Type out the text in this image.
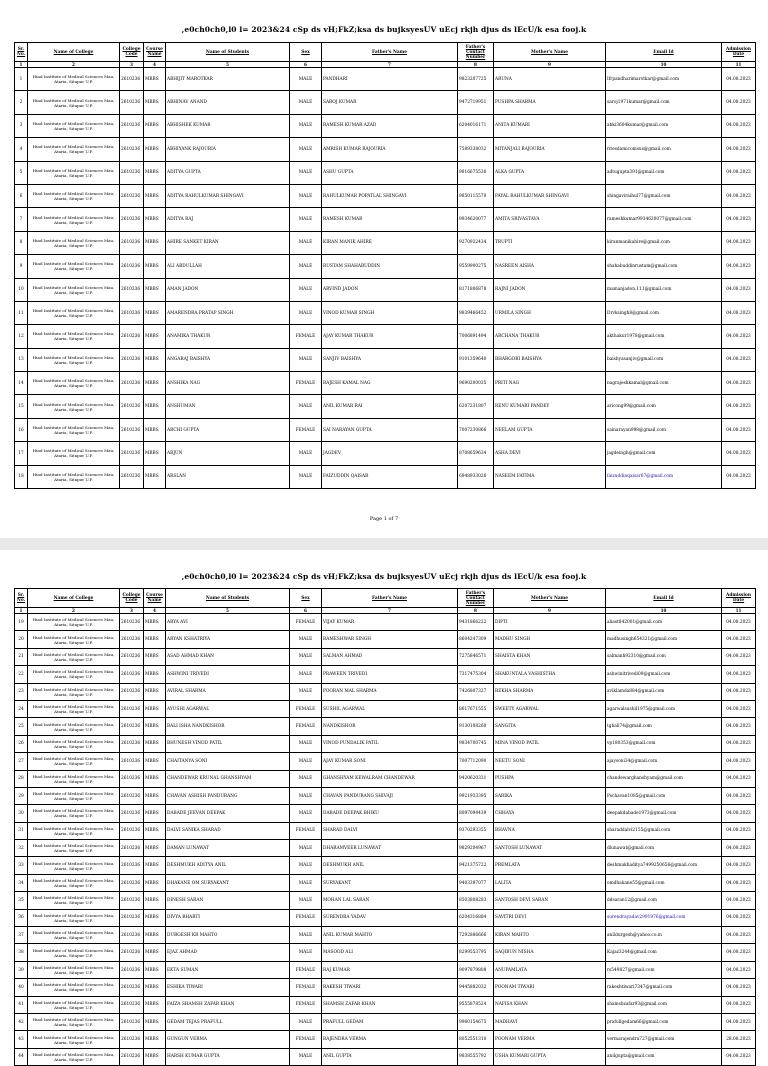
,e0ch0ch0,l0 l= 2023&24 cSp ds vH;FkZ;ksa ds bujksyesUV uEcj rkjh djus ds lEcU/k esa fooj.k
Sr. No.	Name of College	College Code	Course Name	Name of Students	Sex	Father's Name	Father's Contact Number	Mother's Name	Email Id	Admission Date
1	2	3	4	5	6	7	8	9	10	11
1	Hind Institute of Medical Sciences Mau, Ataria, Sitapur U.P.	2610236	MBBS	ABHIJIT MAROTKAR	MALE	PANDHARI	9823207725	ARUNA	Ifrpandharimarotkar@gmail.com	04.08.2023
2	Hind Institute of Medical Sciences Mau, Ataria, Sitapur U.P.	2610236	MBBS	ABHINAV ANAND	MALE	SAROJ KUMAR	9472719951	PUSHPA SHARMA	saroj1971kumar@gmail.com	04.08.2023
3	Hind Institute of Medical Sciences Mau, Ataria, Sitapur U.P.	2610236	MBBS	ABHISHEK KUMAR	MALE	RAMESH KUMAR AZAD	6204016171	ANITA KUMARI	abki3604kumar@gmail.com	04.08.2023
4	Hind Institute of Medical Sciences Mau, Ataria, Sitapur U.P.	2610236	MBBS	ABHIYANK RAJOURIA	MALE	AMRISH KUMAR RAJOURIA	7589338032	MITANJALI RAJOURIA	ritesdamicomsus@gmail.com	04.08.2023
5	Hind Institute of Medical Sciences Mau, Ataria, Sitapur U.P.	2610236	MBBS	ADITYA GUPTA	MALE	ASHU GUPTA	9816675530	ALKA GUPTA	adtugupta391@gmail.com	04.08.2023
6	Hind Institute of Medical Sciences Mau, Ataria, Sitapur U.P.	2610236	MBBS	ADITYA RAHULKUMAR SHINGAVI	MALE	RAHULKUMAR POPATLAL SHINGAVI	9850115570	PAYAL RAHULKUMAR SHINGAVI	shingaviraihul77@gmail.com	04.08.2023
7	Hind Institute of Medical Sciences Mau, Ataria, Sitapur U.P.	2610236	MBBS	ADITYA RAJ	MALE	RAMESH KUMAR	9934620077	AMITA SRIVASTAVA	rameshkumar9934620077@gmail.com	04.08.2023
8	Hind Institute of Medical Sciences Mau, Ataria, Sitapur U.P.	2610236	MBBS	AHIRE SANKET KIRAN	MALE	KIRAN MANIK AHIRE	9270922434	TRUPTI	kiranmanikahire@gmail.com	04.08.2023
9	Hind Institute of Medical Sciences Mau, Ataria, Sitapur U.P.	2610236	MBBS	ALI ABDULLAH	MALE	RUSTAM SHAHABUDDIN	9559900275	NASREEN AISHA	shahabuddinrustam@gmail.com	04.08.2023
10	Hind Institute of Medical Sciences Mau, Ataria, Sitapur U.P.	2610236	MBBS	AMAN JADON	MALE	ARVIND JADON	8171806878	RAJNI JADON	mamanjadon.111@gmail.com	04.08.2023
11	Hind Institute of Medical Sciences Mau, Ataria, Sitapur U.P.	2610236	MBBS	AMARENDRA PRATAP SINGH	MALE	VINOD KUMAR SINGH	9839466452	URMILA SINGH	Drvksingh8@gmail.com	04.08.2023
12	Hind Institute of Medical Sciences Mau, Ataria, Sitapur U.P.	2610236	MBBS	ANAMIKA THAKUR	FEMALE	AJAY KUMAR THAKUR	7006891494	ARCHANA THAKUR	akthakur1978@gmail.com	04.08.2023
13	Hind Institute of Medical Sciences Mau, Ataria, Sitapur U.P.	2610236	MBBS	ANGARAJ BAISHYA	MALE	SANJIV BAISHYA	9101359640	BHARGOBI BAISHYA	baishyasanjiv@gmail.com	04.08.2023
14	Hind Institute of Medical Sciences Mau, Ataria, Sitapur U.P.	2610236	MBBS	ANSHIKA NAG	FEMALE	RAJESH KAMAL NAG	9690200035	PRITI NAG	nagrajeshkamal@gmail.com	04.08.2023
15	Hind Institute of Medical Sciences Mau, Ataria, Sitapur U.P.	2610236	MBBS	ANSHUMAN	MALE	ANIL KUMAR RAI	6207231807	RENU KUMARI PANDEY	aricong99@gmail.com	04.08.2023
16	Hind Institute of Medical Sciences Mau, Ataria, Sitapur U.P.	2610236	MBBS	ARCHI GUPTA	FEMALE	SAI NARAYAN GUPTA	7007230866	NEELAM GUPTA	sainarayan998@gmail.com	04.08.2023
17	Hind Institute of Medical Sciences Mau, Ataria, Sitapur U.P.	2610236	MBBS	ARJUN	MALE	JAGDEV	8708659634	ASHA DEVI	jagdeingh@gmail.com	04.08.2023
18	Hind Institute of Medical Sciences Mau, Ataria, Sitapur U.P.	2610236	MBBS	ARSLAN	MALE	FAIZUDDIN QAISAR	6948933026	NASEEM FATIMA	faizuddinqaisar67@gmail.com	04.08.2023
Page 1 of 7
,e0ch0ch0,l0 l= 2023&24 cSp ds vH;FkZ;ksa ds bujksyesUV uEcj rkjh djus ds lEcU/k esa fooj.k
Sr. No.	Name of College	College Code	Course Name	Name of Students	Sex	Father's Name	Father's Contact Number	Mother's Name	Email Id	Admission Date
1	2	3	4	5	6	7	8	9	10	11
19	Hind Institute of Medical Sciences Mau, Ataria, Sitapur U.P.	2610236	MBBS	ARYA AVI	FEMALE	VIJAY KUMAR	9431866222	DIPTI	aliast842001@gmail.com	04.08.2023
20	Hind Institute of Medical Sciences Mau, Ataria, Sitapur U.P.	2610236	MBBS	ARYAN KSHATRIYA	MALE	RAMESHWAR SINGH	8604247309	MADHU SINGH	madhusingh654321@gmail.com	04.08.2023
21	Hind Institute of Medical Sciences Mau, Ataria, Sitapur U.P.	2610236	MBBS	ASAD AHMAD KHAN	MALE	SALMAN AHMAD	7275846571	SHAISTA KHAN	salmanh92310@gmail.com	04.08.2023
22	Hind Institute of Medical Sciences Mau, Ataria, Sitapur U.P.	2610236	MBBS	ASHWINI TRIVEDI	MALE	PRAWEEN TRIVEDI	7317475304	SHAKUNTALA VASHISTHA	ashwinitrivedi09@gmail.com	04.08.2023
23	Hind Institute of Medical Sciences Mau, Ataria, Sitapur U.P.	2610236	MBBS	AVIRAL SHARMA	MALE	POORAN MAL SHARMA	7426807327	REKHA SHARMA	aviklamda884@gmail.com	04.08.2023
24	Hind Institute of Medical Sciences Mau, Ataria, Sitapur U.P.	2610236	MBBS	AYUSHI AGARWAL	FEMALE	SUSHIL AGARWAL	8617671555	SWEETY AGARWAL	agarwalsushil1975@gmail.com	04.08.2023
25	Hind Institute of Medical Sciences Mau, Ataria, Sitapur U.P.	2610236	MBBS	BALI ISHA NANDKISHOR	FEMALE	NANDKISHOR	9130108260	SANGITA	tgbali74@gmail.com	04.08.2023
26	Hind Institute of Medical Sciences Mau, Ataria, Sitapur U.P.	2610236	MBBS	BHUNESH VINOD PATIL	MALE	VINOD PUNDALIK PATIL	9834700745	MINA VINOD PATIL	vp180353@gmail.com	04.08.2023
27	Hind Institute of Medical Sciences Mau, Ataria, Sitapur U.P.	2610236	MBBS	CHAITANYA SONI	MALE	AJAY KUMAR SONI	7007712090	NEETU SONI	ajaysoni34@gmail.com	04.08.2023
28	Hind Institute of Medical Sciences Mau, Ataria, Sitapur U.P.	2610236	MBBS	CHANDEWAR KRUNAL GHANSHYAM	MALE	GHANSHYAM KEWALRAM CHANDEWAR	9420620331	PUSHPA	chandewarghanshyam@gmail.com	04.08.2023
29	Hind Institute of Medical Sciences Mau, Ataria, Sitapur U.P.	2610236	MBBS	CHAVAN ASHISH PANDURANG	MALE	CHAVAN PANDURANG SHIVAJI	9921933395	SARIKA	Pschavan1085@gmail.com	04.08.2023
30	Hind Institute of Medical Sciences Mau, Ataria, Sitapur U.P.	2610236	MBBS	DABADE JEEVAN DEEPAK	MALE	DABADE DEEPAK BHIKU	8097094439	CHHAYA	deepakdabade1973@gmail.com	04.08.2023
31	Hind Institute of Medical Sciences Mau, Ataria, Sitapur U.P.	2610236	MBBS	DALVI SANIKA SHARAD	FEMALE	SHARAD DALVI	9370293355	BHAVNA	sharaddalvi2155@gmail.com	04.08.2023
32	Hind Institute of Medical Sciences Mau, Ataria, Sitapur U.P.	2610236	MBBS	DAMAN LUNAWAT	MALE	DHARAMVEER LUNAWAT	9829204967	SANTOSH LUNAWAT	dlunawat@gmail.com	04.08.2023
33	Hind Institute of Medical Sciences Mau, Ataria, Sitapur U.P.	2610236	MBBS	DESHMUKH ADITYA ANIL	MALE	DESHMUKH ANIL	9421375722	PREMLATA	deshmukhaditya7499250656@gmail.com	04.08.2023
34	Hind Institute of Medical Sciences Mau, Ataria, Sitapur U.P.	2610236	MBBS	DHAKANE OM SURYAKANT	MALE	SURYAKANT	9403397077	LALITA	omdhakane55@gmail.com	04.08.2023
35	Hind Institute of Medical Sciences Mau, Ataria, Sitapur U.P.	2610236	MBBS	DINESH SARAN	MALE	MOHAN LAL SARAN	8503808283	SANTOSH DEVI SARAN	ddsaran12@gmail.com	04.08.2023
36	Hind Institute of Medical Sciences Mau, Ataria, Sitapur U.P.	2610236	MBBS	DIVYA BHARTI	FEMALE	SURENDRA YADAV	6204316884	SAVITRI DEVI	surendrayadav2991976@gmail.com	04.08.2023
37	Hind Institute of Medical Sciences Mau, Ataria, Sitapur U.P.	2610236	MBBS	DURGESH KR MAHTO	MALE	ANIL KUMAR MAHTO	7292886666	KIRAN MAHTO	anildurgesh@yahoo.co.in	04.08.2023
38	Hind Institute of Medical Sciences Mau, Ataria, Sitapur U.P.	2610236	MBBS	EJAZ AHMAD	MALE	MASOOD ALI	8299553795	SAQIBUN NISHA	Kajaz3244@gmail.com	04.08.2023
39	Hind Institute of Medical Sciences Mau, Ataria, Sitapur U.P.	2610236	MBBS	EKTA SUMAN	FEMALE	RAJ KUMAR	9097879808	ANUPAMLATA	rs549827@gmail.com	04.08.2023
40	Hind Institute of Medical Sciences Mau, Ataria, Sitapur U.P.	2610236	MBBS	ESHIKA TIWARI	FEMALE	RAKESH TIWARI	9445882032	POONAM TIWARI	rakeshtiwari7347@gmail.com	04.08.2023
41	Hind Institute of Medical Sciences Mau, Ataria, Sitapur U.P.	2610236	MBBS	FAIZA SHAMSH ZAFAR KHAN	FEMALE	SHAMSH ZAFAR KHAN	9555878524	NAFISA KHAN	shamshzafar93@gmail.com	04.08.2023
42	Hind Institute of Medical Sciences Mau, Ataria, Sitapur U.P.	2610236	MBBS	GEDAM TEJAS PRAFULL	MALE	PRAFULL GEDAM	9960154675	MADHAVI	prafullgedam66@gmail.com	04.08.2023
43	Hind Institute of Medical Sciences Mau, Ataria, Sitapur U.P.	2610236	MBBS	GUNGUN VERMA	FEMALE	RAJENDRA VERMA	8052551310	POONAM VERMA	vermarajendra727@gmail.com	28.08.2023
44	Hind Institute of Medical Sciences Mau, Ataria, Sitapur U.P.	2610236	MBBS	HARSH KUMAR GUPTA	MALE	ANIL GUPTA	9838555792	USHA KUMARI GUPTA	anilgupta@gmail.com	04.08.2023
